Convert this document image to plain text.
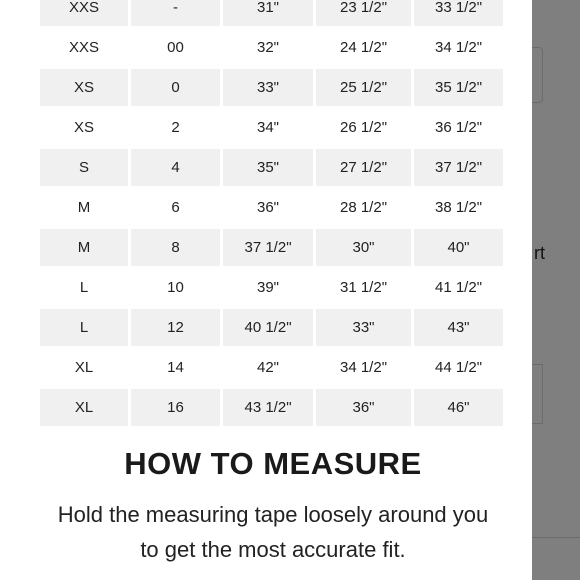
rt
XXS	-	31"	23 1/2"	33 1/2"
XXS	00	32"	24 1/2"	34 1/2"
XS	0	33"	25 1/2"	35 1/2"
XS	2	34"	26 1/2"	36 1/2"
S	4	35"	27 1/2"	37 1/2"
M	6	36"	28 1/2"	38 1/2"
M	8	37 1/2"	30"	40"
L	10	39"	31 1/2"	41 1/2"
L	12	40 1/2"	33"	43"
XL	14	42"	34 1/2"	44 1/2"
XL	16	43 1/2"	36"	46"
HOW TO MEASURE
Hold the measuring tape loosely around you to get the most accurate fit.
